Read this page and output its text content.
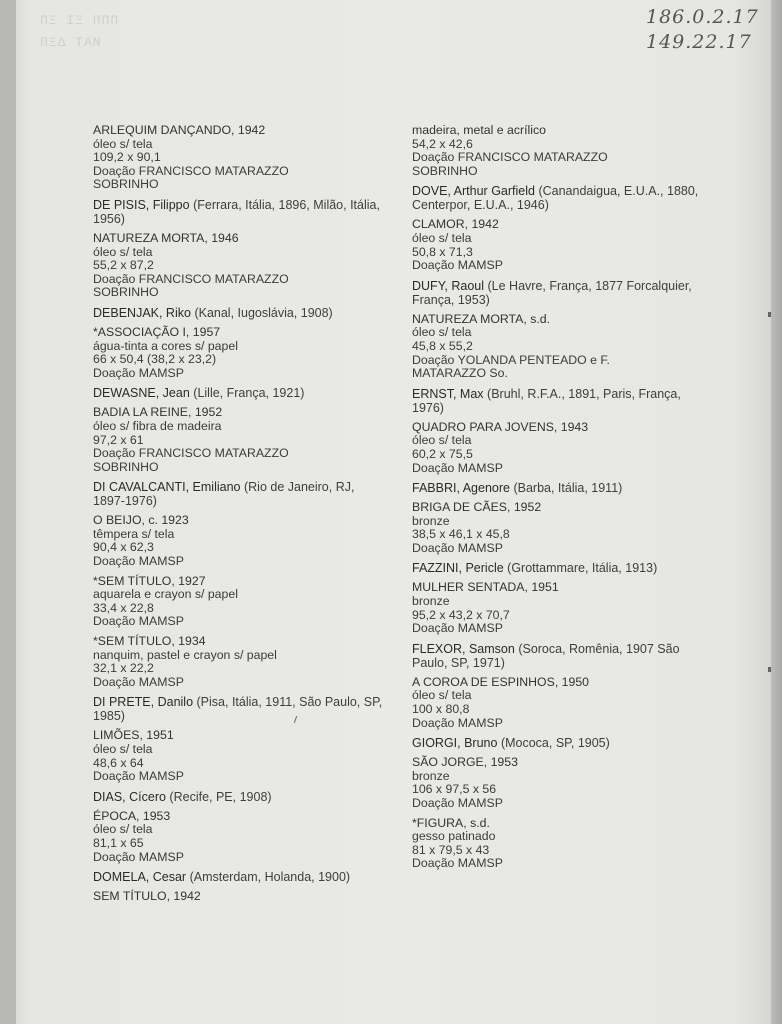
ΠΞ ΙΞ ΠΠΠ
ΠΞΔ ΤΑΝ
186.0.2.17
149.22.17
ARLEQUIM DANÇANDO, 1942
óleo s/ tela
109,2 x 90,1
Doação FRANCISCO MATARAZZO
SOBRINHO
DE PISIS, Filippo (Ferrara, Itália, 1896, Milão, Itália, 1956)
NATUREZA MORTA, 1946
óleo s/ tela
55,2 x 87,2
Doação FRANCISCO MATARAZZO
SOBRINHO
DEBENJAK, Riko (Kanal, Iugoslávia, 1908)
*ASSOCIAÇÃO I, 1957
água-tinta a cores s/ papel
66 x 50,4 (38,2 x 23,2)
Doação MAMSP
DEWASNE, Jean (Lille, França, 1921)
BADIA LA REINE, 1952
óleo s/ fibra de madeira
97,2 x 61
Doação FRANCISCO MATARAZZO
SOBRINHO
DI CAVALCANTI, Emiliano (Rio de Janeiro, RJ, 1897-1976)
O BEIJO, c. 1923
têmpera s/ tela
90,4 x 62,3
Doação MAMSP
*SEM TÍTULO, 1927
aquarela e crayon s/ papel
33,4 x 22,8
Doação MAMSP
*SEM TÍTULO, 1934
nanquim, pastel e crayon s/ papel
32,1 x 22,2
Doação MAMSP
DI PRETE, Danilo (Pisa, Itália, 1911, São Paulo, SP, 1985)
LIMÕES, 1951
óleo s/ tela
48,6 x 64
Doação MAMSP
DIAS, Cícero (Recife, PE, 1908)
ÉPOCA, 1953
óleo s/ tela
81,1 x 65
Doação MAMSP
DOMELA, Cesar (Amsterdam, Holanda, 1900)
SEM TÍTULO, 1942
madeira, metal e acrílico
54,2 x 42,6
Doação FRANCISCO MATARAZZO
SOBRINHO
DOVE, Arthur Garfield (Canandaigua, E.U.A., 1880, Centerpor, E.U.A., 1946)
CLAMOR, 1942
óleo s/ tela
50,8 x 71,3
Doação MAMSP
DUFY, Raoul (Le Havre, França, 1877 Forcalquier, França, 1953)
NATUREZA MORTA, s.d.
óleo s/ tela
45,8 x 55,2
Doação YOLANDA PENTEADO e F.
MATARAZZO So.
ERNST, Max (Bruhl, R.F.A., 1891, Paris, França, 1976)
QUADRO PARA JOVENS, 1943
óleo s/ tela
60,2 x 75,5
Doação MAMSP
FABBRI, Agenore (Barba, Itália, 1911)
BRIGA DE CÃES, 1952
bronze
38,5 x 46,1 x 45,8
Doação MAMSP
FAZZINI, Pericle (Grottammare, Itália, 1913)
MULHER SENTADA, 1951
bronze
95,2 x 43,2 x 70,7
Doação MAMSP
FLEXOR, Samson (Soroca, Romênia, 1907 São Paulo, SP, 1971)
A COROA DE ESPINHOS, 1950
óleo s/ tela
100 x 80,8
Doação MAMSP
GIORGI, Bruno (Mococa, SP, 1905)
SÃO JORGE, 1953
bronze
106 x 97,5 x 56
Doação MAMSP
*FIGURA, s.d.
gesso patinado
81 x 79,5 x 43
Doação MAMSP
